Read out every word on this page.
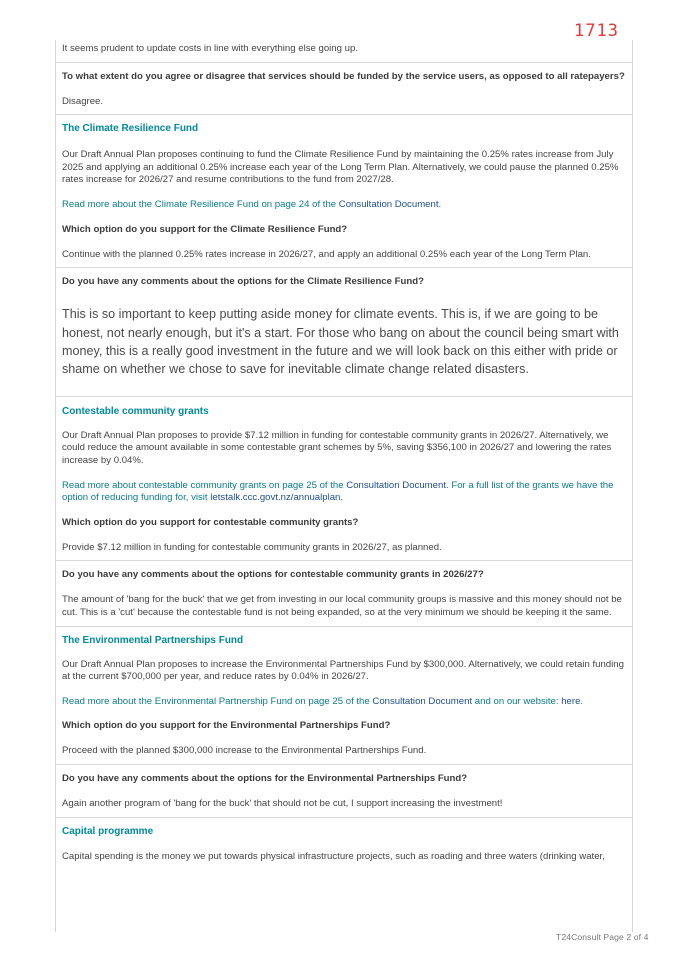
1713

It seems prudent to update costs in line with everything else going up.

To what extent do you agree or disagree that services should be funded by the service users, as opposed to all ratepayers?

Disagree.

The Climate Resilience Fund

Our Draft Annual Plan proposes continuing to fund the Climate Resilience Fund by maintaining the 0.25% rates increase from July 2025 and applying an additional 0.25% increase each year of the Long Term Plan. Alternatively, we could pause the planned 0.25% rates increase for 2026/27 and resume contributions to the fund from 2027/28.

Read more about the Climate Resilience Fund on page 24 of the Consultation Document.

Which option do you support for the Climate Resilience Fund?

Continue with the planned 0.25% rates increase in 2026/27, and apply an additional 0.25% each year of the Long Term Plan.

Do you have any comments about the options for the Climate Resilience Fund?

This is so important to keep putting aside money for climate events. This is, if we are going to be honest, not nearly enough, but it's a start. For those who bang on about the council being smart with money, this is a really good investment in the future and we will look back on this either with pride or shame on whether we chose to save for inevitable climate change related disasters.

Contestable community grants

Our Draft Annual Plan proposes to provide $7.12 million in funding for contestable community grants in 2026/27. Alternatively, we could reduce the amount available in some contestable grant schemes by 5%, saving $356,100 in 2026/27 and lowering the rates increase by 0.04%.

Read more about contestable community grants on page 25 of the Consultation Document. For a full list of the grants we have the option of reducing funding for, visit letstalk.ccc.govt.nz/annualplan.

Which option do you support for contestable community grants?

Provide $7.12 million in funding for contestable community grants in 2026/27, as planned.

Do you have any comments about the options for contestable community grants in 2026/27?

The amount of 'bang for the buck' that we get from investing in our local community groups is massive and this money should not be cut. This is a 'cut' because the contestable fund is not being expanded, so at the very minimum we should be keeping it the same.

The Environmental Partnerships Fund

Our Draft Annual Plan proposes to increase the Environmental Partnerships Fund by $300,000. Alternatively, we could retain funding at the current $700,000 per year, and reduce rates by 0.04% in 2026/27.

Read more about the Environmental Partnership Fund on page 25 of the Consultation Document and on our website: here.

Which option do you support for the Environmental Partnerships Fund?

Proceed with the planned $300,000 increase to the Environmental Partnerships Fund.

Do you have any comments about the options for the Environmental Partnerships Fund?

Again another program of 'bang for the buck' that should not be cut, I support increasing the investment!

Capital programme

Capital spending is the money we put towards physical infrastructure projects, such as roading and three waters (drinking water,

T24Consult Page 2 of 4
